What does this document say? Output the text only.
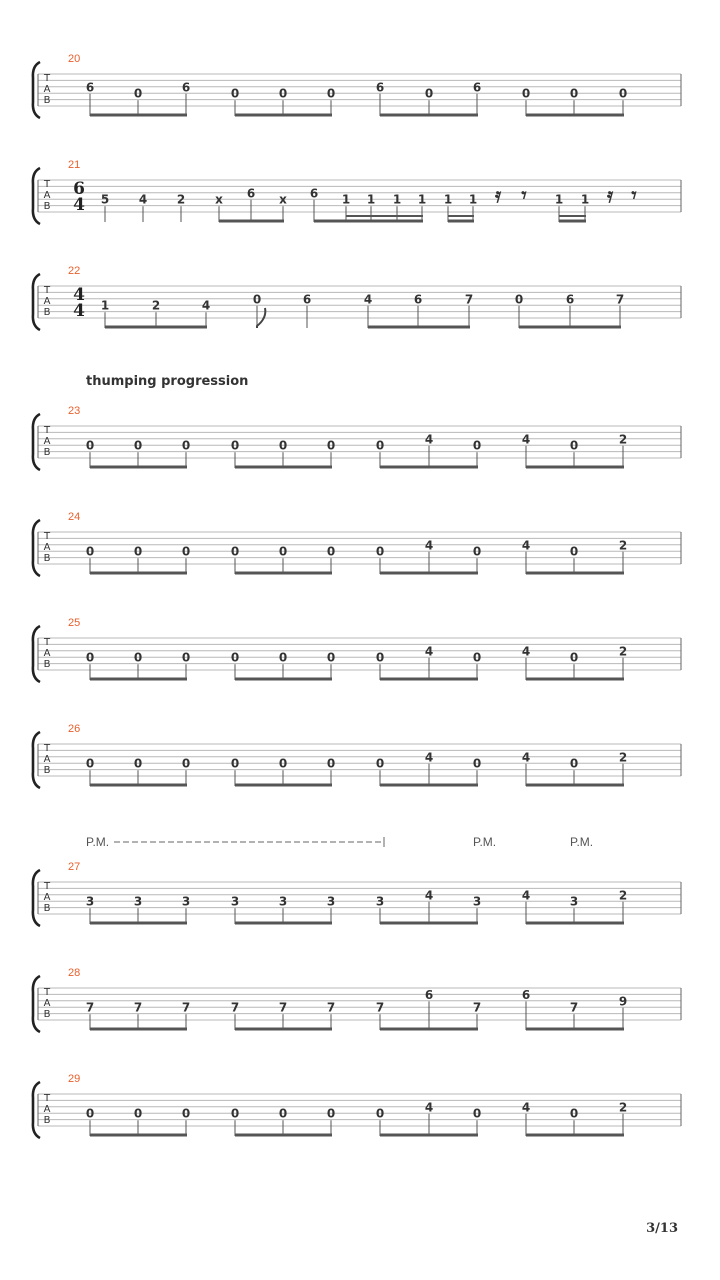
thumping progression
T
A
B
20
6	0	6	0	0	0	6	0	6	0	0	0
T
A
B
21
6
4 5 4 2 x 6 x 6 1 1 1 1 1 1	1 1
𝄿 𝄾	𝄿 𝄾
T
A
B
22
4
4 1	2	4	0	6	4	6	7	0	6	7
T
A
B
23
0	0	0	0	0	0	0	4	0	4	0	2
T
A
B
24
0	0	0	0	0	0	0	4	0	4	0	2
T
A
B
25
0	0	0	0	0	0	0	4	0	4	0	2
T
A
B
26
0	0	0	0	0	0	0	4	0	4	0	2
T
A
B
27
P.M.	P.M.	P.M.
3	3	3	3	3	3	3	4	3	4	3	2
T
A
B
28
7	7	7	7	7	7	7
6
7
6
7	9
T
A
B
29
0	0	0	0	0	0	0	4	0	4	0	2
3/13
